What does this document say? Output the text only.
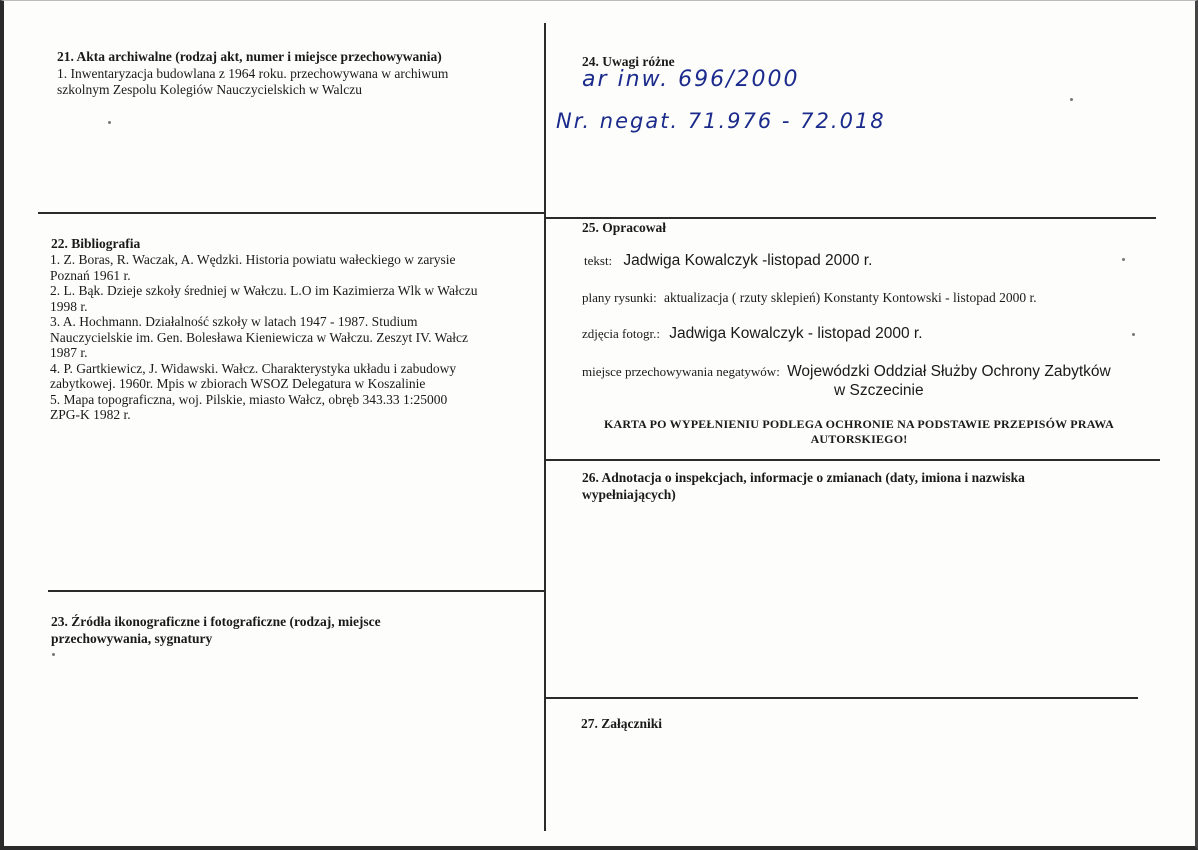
21. Akta archiwalne (rodzaj akt, numer i miejsce przechowywania)
1. Inwentaryzacja budowlana z 1964 roku. przechowywana w archiwum
szkolnym Zespolu Kolegiów Nauczycielskich w Walczu
22. Bibliografia
1. Z. Boras, R. Waczak, A. Wędzki. Historia powiatu wałeckiego w zarysie
Poznań 1961 r.
2. L. Bąk. Dzieje szkoły średniej w Wałczu. L.O im Kazimierza Wlk w Wałczu
1998 r.
3. A. Hochmann. Działalność szkoły w latach 1947 - 1987. Studium
Nauczycielskie im. Gen. Bolesława Kieniewicza w Wałczu. Zeszyt IV. Wałcz
1987 r.
4. P. Gartkiewicz, J. Widawski. Wałcz. Charakterystyka układu i zabudowy
zabytkowej. 1960r. Mpis w zbiorach WSOZ Delegatura w Koszalinie
5. Mapa topograficzna, woj. Pilskie, miasto Wałcz, obręb 343.33 1:25000
ZPG-K 1982 r.
23. Źródła ikonograficzne i fotograficzne (rodzaj, miejsce
przechowywania, sygnatury
24. Uwagi różne
ar inw. 696/2000
Nr. negat. 71.976 - 72.018
25. Opracował
tekst: Jadwiga Kowalczyk -listopad 2000 r.
plany rysunki: aktualizacja ( rzuty sklepień) Konstanty Kontowski - listopad 2000 r.
zdjęcia fotogr.: Jadwiga Kowalczyk - listopad 2000 r.
miejsce przechowywania negatywów: Wojewódzki Oddział Służby Ochrony Zabytków
w Szczecinie
KARTA PO WYPEŁNIENIU PODLEGA OCHRONIE NA PODSTAWIE PRZEPISÓW PRAWA
AUTORSKIEGO!
26. Adnotacja o inspekcjach, informacje o zmianach (daty, imiona i nazwiska
wypełniających)
27. Załączniki
